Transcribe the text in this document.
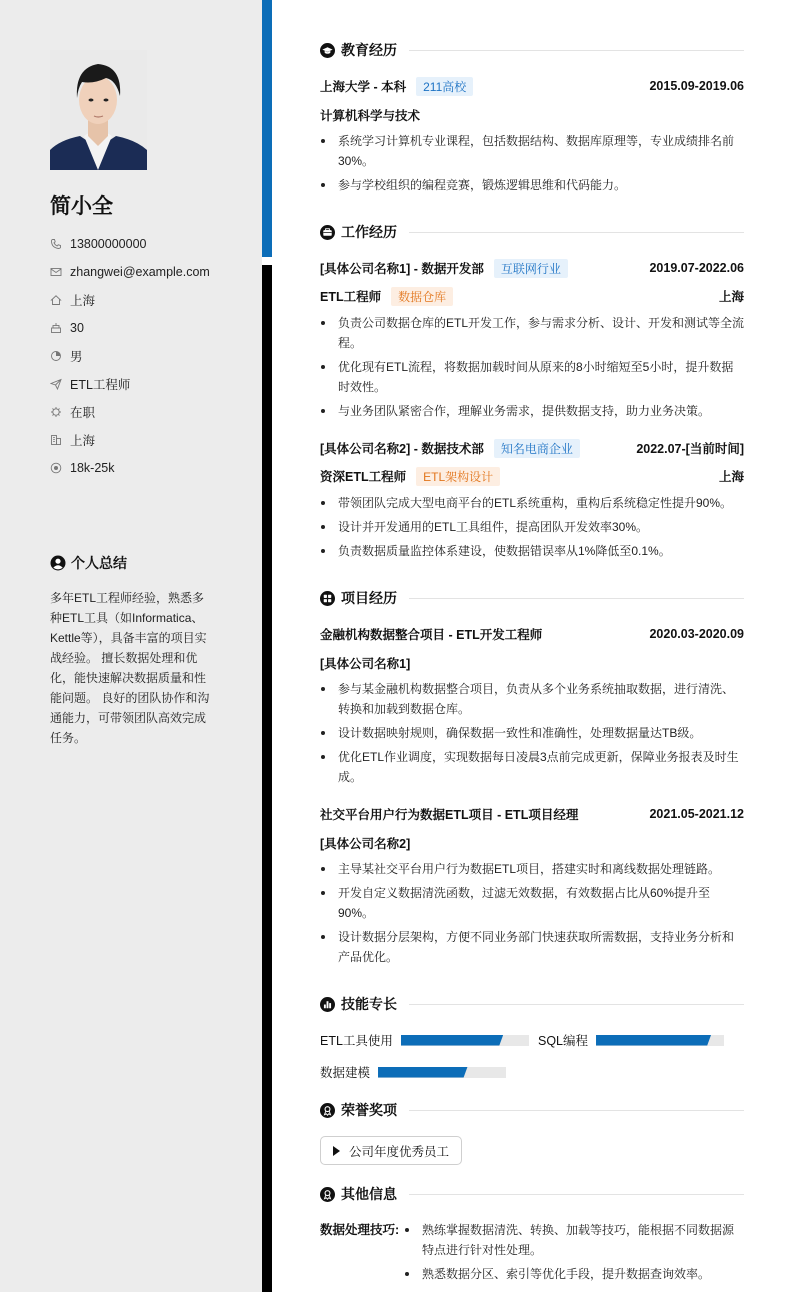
简小全
13800000000
zhangwei@example.com
上海
30
男
ETL工程师
在职
上海
18k-25k
个人总结
多年ETL工程师经验，熟悉多种ETL工具（如Informatica、Kettle等），具备丰富的项目实战经验。 擅长数据处理和优化，能快速解决数据质量和性能问题。 良好的团队协作和沟通能力，可带领团队高效完成任务。
教育经历
上海大学 - 本科	211高校	2015.09-2019.06
计算机科学与技术
系统学习计算机专业课程，包括数据结构、数据库原理等，专业成绩排名前30%。
参与学校组织的编程竞赛，锻炼逻辑思维和代码能力。
工作经历
[具体公司名称1] - 数据开发部	互联网行业	2019.07-2022.06
ETL工程师	数据仓库	上海
负责公司数据仓库的ETL开发工作，参与需求分析、设计、开发和测试等全流程。
优化现有ETL流程，将数据加载时间从原来的8小时缩短至5小时，提升数据时效性。
与业务团队紧密合作，理解业务需求，提供数据支持，助力业务决策。
[具体公司名称2] - 数据技术部	知名电商企业	2022.07-[当前时间]
资深ETL工程师	ETL架构设计	上海
带领团队完成大型电商平台的ETL系统重构，重构后系统稳定性提升90%。
设计并开发通用的ETL工具组件，提高团队开发效率30%。
负责数据质量监控体系建设，使数据错误率从1%降低至0.1%。
项目经历
金融机构数据整合项目 - ETL开发工程师	2020.03-2020.09
[具体公司名称1]
参与某金融机构数据整合项目，负责从多个业务系统抽取数据，进行清洗、转换和加载到数据仓库。
设计数据映射规则，确保数据一致性和准确性，处理数据量达TB级。
优化ETL作业调度，实现数据每日凌晨3点前完成更新，保障业务报表及时生成。
社交平台用户行为数据ETL项目 - ETL项目经理	2021.05-2021.12
[具体公司名称2]
主导某社交平台用户行为数据ETL项目，搭建实时和离线数据处理链路。
开发自定义数据清洗函数，过滤无效数据，有效数据占比从60%提升至90%。
设计数据分层架构，方便不同业务部门快速获取所需数据，支持业务分析和产品优化。
技能专长
ETL工具使用	SQL编程
数据建模
荣誉奖项
公司年度优秀员工
其他信息
数据处理技巧:	熟练掌握数据清洗、转换、加载等技巧，能根据不同数据源特点进行针对性处理。
熟悉数据分区、索引等优化手段，提升数据查询效率。
